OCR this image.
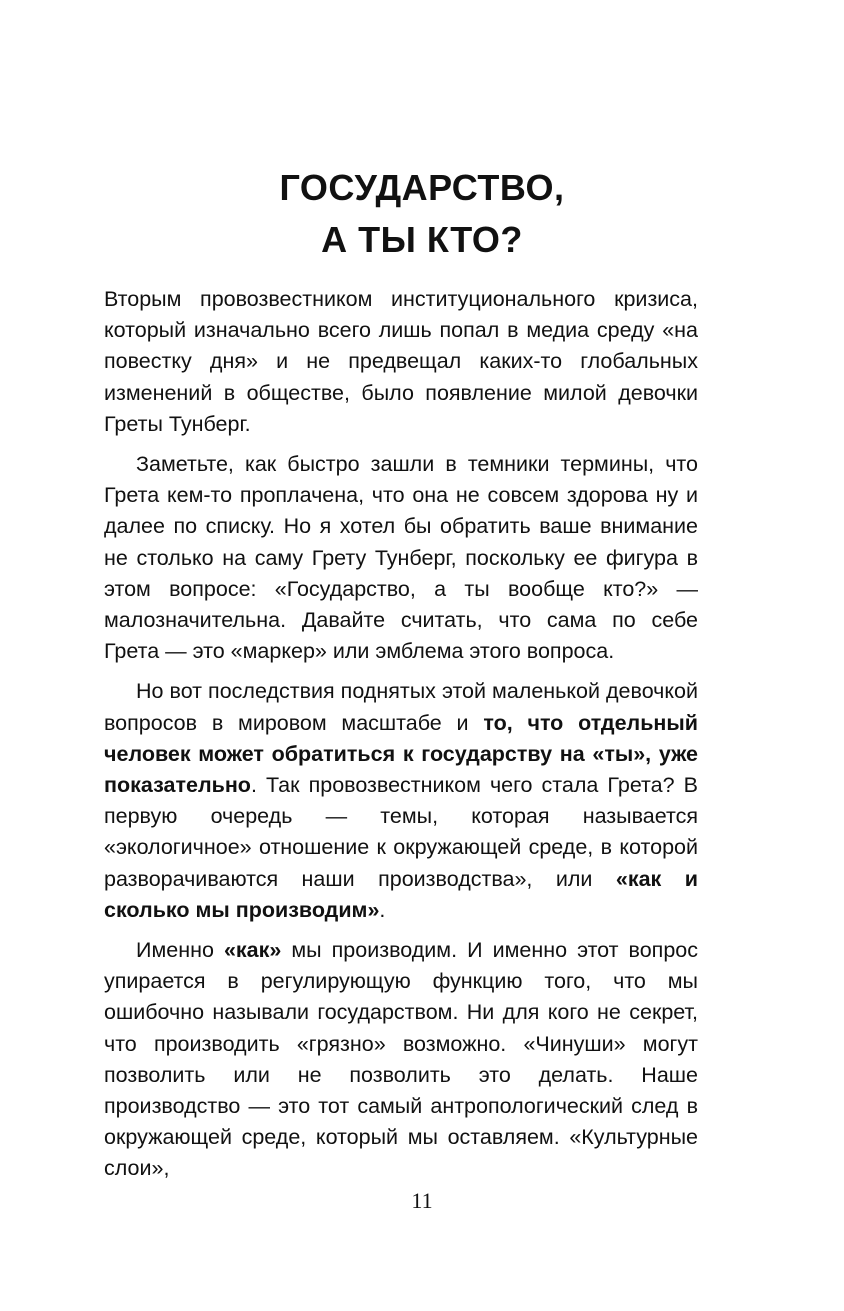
ГОСУДАРСТВО,
А ТЫ КТО?

Вторым провозвестником институционального кризиса, который изначально всего лишь попал в медиа среду «на повестку дня» и не предвещал каких-то глобальных изменений в обществе, было появление милой девочки Греты Тунберг.

Заметьте, как быстро зашли в темники термины, что Грета кем-то проплачена, что она не совсем здорова ну и далее по списку. Но я хотел бы обратить ваше внимание не столько на саму Грету Тунберг, поскольку ее фигура в этом вопросе: «Государство, а ты вообще кто?» — малозначительна. Давайте считать, что сама по себе Грета — это «маркер» или эмблема этого вопроса.

Но вот последствия поднятых этой маленькой девочкой вопросов в мировом масштабе и то, что отдельный человек может обратиться к государству на «ты», уже показательно. Так провозвестником чего стала Грета? В первую очередь — темы, которая называется «экологичное» отношение к окружающей среде, в которой разворачиваются наши производства», или «как и сколько мы производим».

Именно «как» мы производим. И именно этот вопрос упирается в регулирующую функцию того, что мы ошибочно называли государством. Ни для кого не секрет, что производить «грязно» возможно. «Чинуши» могут позволить или не позволить это делать. Наше производство — это тот самый антропологический след в окружающей среде, который мы оставляем. «Культурные слои»,

11
